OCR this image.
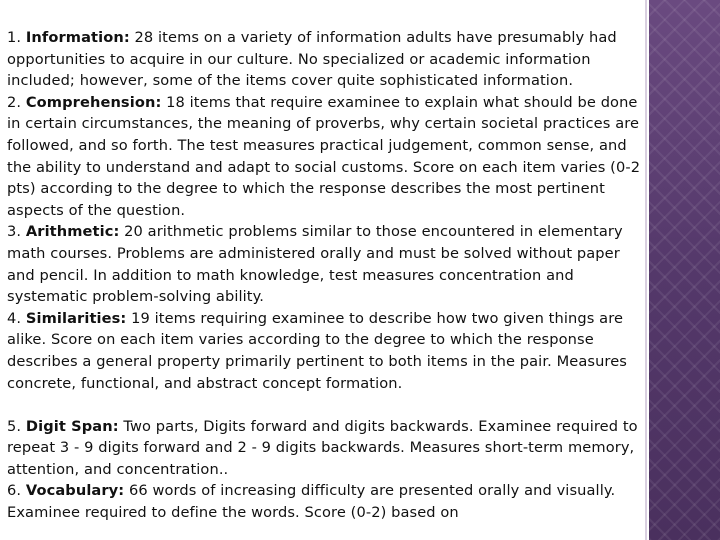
1. Information: 28 items on a variety of information adults have presumably had opportunities to acquire in our culture. No specialized or academic information included; however, some of the items cover quite sophisticated information.

2. Comprehension: 18 items that require examinee to explain what should be done in certain circumstances, the meaning of proverbs, why certain societal practices are followed, and so forth. The test measures practical judgement, common sense, and the ability to understand and adapt to social customs. Score on each item varies (0-2 pts) according to the degree to which the response describes the most pertinent aspects of the question.

3. Arithmetic: 20 arithmetic problems similar to those encountered in elementary math courses. Problems are administered orally and must be solved without paper and pencil. In addition to math knowledge, test measures concentration and systematic problem-solving ability.

4. Similarities: 19 items requiring examinee to describe how two given things are alike. Score on each item varies according to the degree to which the response describes a general property primarily pertinent to both items in the pair. Measures concrete, functional, and abstract concept formation.

5. Digit Span: Two parts, Digits forward and digits backwards. Examinee required to repeat 3 - 9 digits forward and 2 - 9 digits backwards. Measures short-term memory, attention, and concentration..

6. Vocabulary: 66 words of increasing difficulty are presented orally and visually. Examinee required to define the words. Score (0-2) based on
